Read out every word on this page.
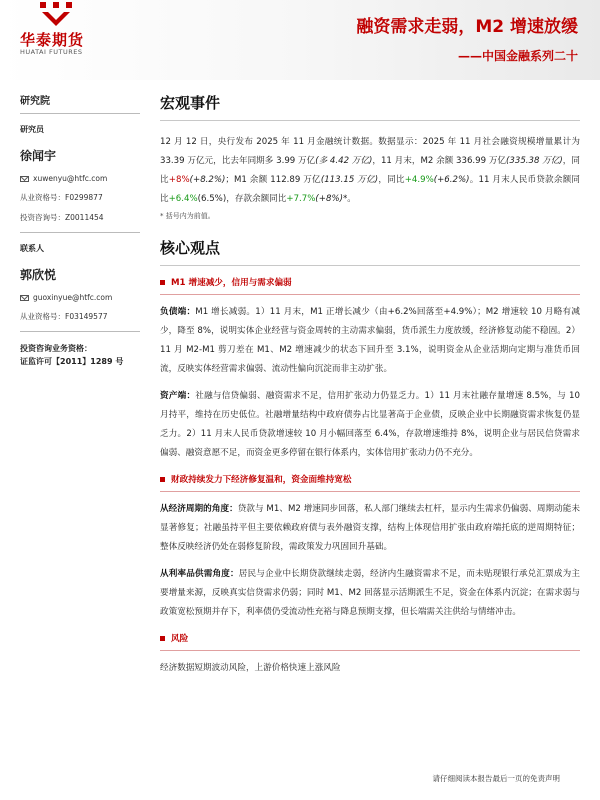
华泰期货
HUATAI FUTURES
融资需求走弱，M2 增速放缓
——中国金融系列二十
研究院
研究员
徐闻宇
xuwenyu@htfc.com
从业资格号：F0299877
投资咨询号：Z0011454
联系人
郭欣悦
guoxinyue@htfc.com
从业资格号：F03149577
投资咨询业务资格：
证监许可【2011】1289 号
宏观事件
12 月 12 日，央行发布 2025 年 11 月金融统计数据。数据显示：2025 年 11 月社会融资规模增量累计为 33.39 万亿元，比去年同期多 3.99 万亿(多 4.42 万亿)，11 月末，M2 余额 336.99 万亿(335.38 万亿)，同比+8%(+8.2%)；M1 余额 112.89 万亿(113.15 万亿)，同比+4.9%(+6.2%)。11 月末人民币贷款余额同比+6.4%(6.5%)，存款余额同比+7.7%(+8%)*。
* 括号内为前值。
核心观点
M1 增速减少，信用与需求偏弱
负债端：M1 增长减弱。1）11 月末，M1 正增长减少（由+6.2%回落至+4.9%）；M2 增速较 10 月略有减少，降至 8%，说明实体企业经营与资金周转的主动需求偏弱，货币派生力度放缓，经济修复动能不稳固。2）11 月 M2-M1 剪刀差在 M1、M2 增速减少的状态下回升至 3.1%，说明资金从企业活期向定期与准货币回流，反映实体经营需求偏弱、流动性偏向沉淀而非主动扩张。
资产端：社融与信贷偏弱、融资需求不足，信用扩张动力仍显乏力。1）11 月末社融存量增速 8.5%，与 10 月持平，维持在历史低位。社融增量结构中政府债券占比显著高于企业债，反映企业中长期融资需求恢复仍显乏力。2）11 月末人民币贷款增速较 10 月小幅回落至 6.4%，存款增速维持 8%，说明企业与居民信贷需求偏弱、融资意愿不足，而资金更多停留在银行体系内，实体信用扩张动力仍不充分。
财政持续发力下经济修复温和，资金面维持宽松
从经济周期的角度：贷款与 M1、M2 增速同步回落，私人部门继续去杠杆，显示内生需求仍偏弱、周期动能未显著修复；社融虽持平但主要依赖政府债与表外融资支撑，结构上体现信用扩张由政府端托底的逆周期特征；整体反映经济仍处在弱修复阶段，需政策发力巩固回升基础。
从利率品供需角度：居民与企业中长期贷款继续走弱，经济内生融资需求不足，而未贴现银行承兑汇票成为主要增量来源，反映真实信贷需求仍弱；同时 M1、M2 回落显示活期派生不足，资金在体系内沉淀；在需求弱与政策宽松预期并存下，利率债仍受流动性充裕与降息预期支撑，但长端需关注供给与情绪冲击。
风险
经济数据短期波动风险，上游价格快速上涨风险
请仔细阅读本报告最后一页的免责声明
